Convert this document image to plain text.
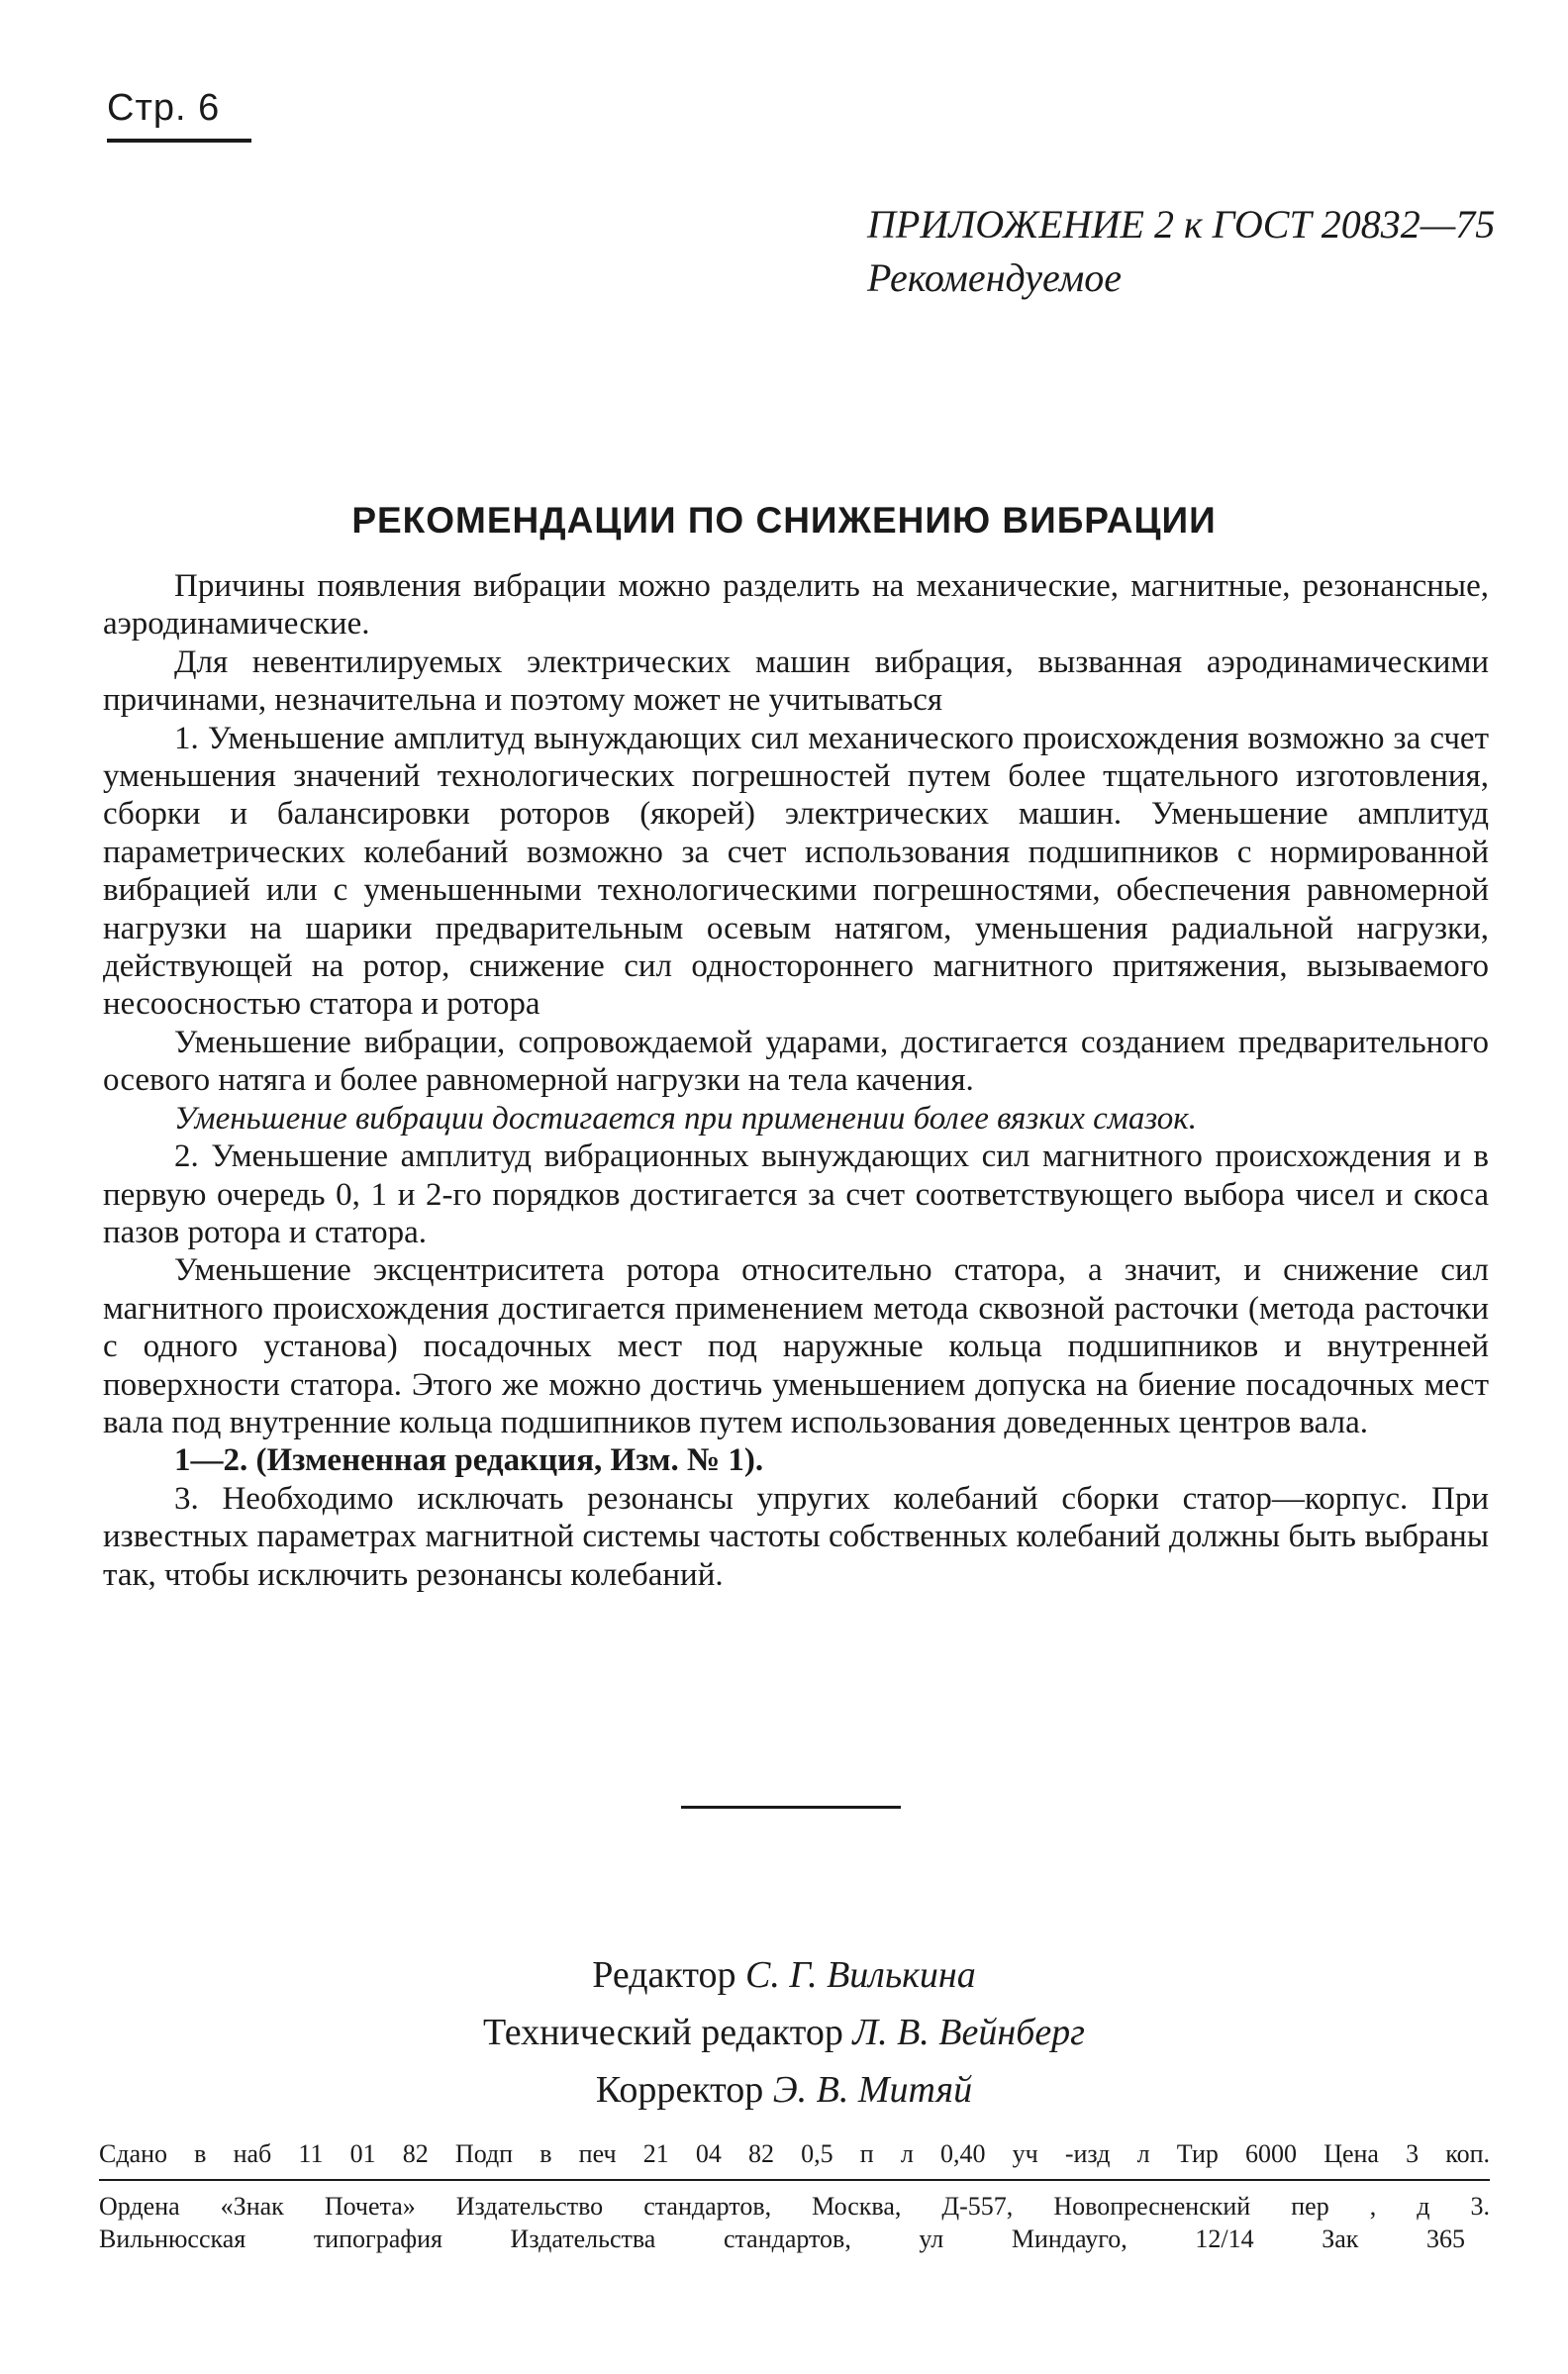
Стр. 6
ПРИЛОЖЕНИЕ 2 к ГОСТ 20832—75
Рекомендуемое
РЕКОМЕНДАЦИИ ПО СНИЖЕНИЮ ВИБРАЦИИ

Причины появления вибрации можно разделить на механические, магнитные, резонансные, аэродинамические.

Для невентилируемых электрических машин вибрация, вызванная аэродинамическими причинами, незначительна и поэтому может не учитываться

1. Уменьшение амплитуд вынуждающих сил механического происхождения возможно за счет уменьшения значений технологических погрешностей путем более тщательного изготовления, сборки и балансировки роторов (якорей) электрических машин. Уменьшение амплитуд параметрических колебаний возможно за счет использования подшипников с нормированной вибрацией или с уменьшенными технологическими погрешностями, обеспечения равномерной нагрузки на шарики предварительным осевым натягом, уменьшения радиальной нагрузки, действующей на ротор, снижение сил одностороннего магнитного притяжения, вызываемого несоосностью статора и ротора

Уменьшение вибрации, сопровождаемой ударами, достигается созданием предварительного осевого натяга и более равномерной нагрузки на тела качения.

Уменьшение вибрации достигается при применении более вязких смазок.

2. Уменьшение амплитуд вибрационных вынуждающих сил магнитного происхождения и в первую очередь 0, 1 и 2-го порядков достигается за счет соответствующего выбора чисел и скоса пазов ротора и статора.

Уменьшение эксцентриситета ротора относительно статора, а значит, и снижение сил магнитного происхождения достигается применением метода сквозной расточки (метода расточки с одного установа) посадочных мест под наружные кольца подшипников и внутренней поверхности статора. Этого же можно достичь уменьшением допуска на биение посадочных мест вала под внутренние кольца подшипников путем использования доведенных центров вала.

1—2. (Измененная редакция, Изм. № 1).

3. Необходимо исключать резонансы упругих колебаний сборки статор—корпус. При известных параметрах магнитной системы частоты собственных колебаний должны быть выбраны так, чтобы исключить резонансы колебаний.

Редактор С. Г. Вилькина
Технический редактор Л. В. Вейнберг
Корректор Э. В. Митяй
Сдано в наб 11 01 82 Подп в печ 21 04 82 0,5 п л 0,40 уч -изд л Тир 6000 Цена 3 коп.
Ордена «Знак Почета» Издательство стандартов, Москва, Д-557, Новопресненский пер , д 3.
Вильнюсская типография Издательства стандартов, ул Миндауго, 12/14 Зак 365
